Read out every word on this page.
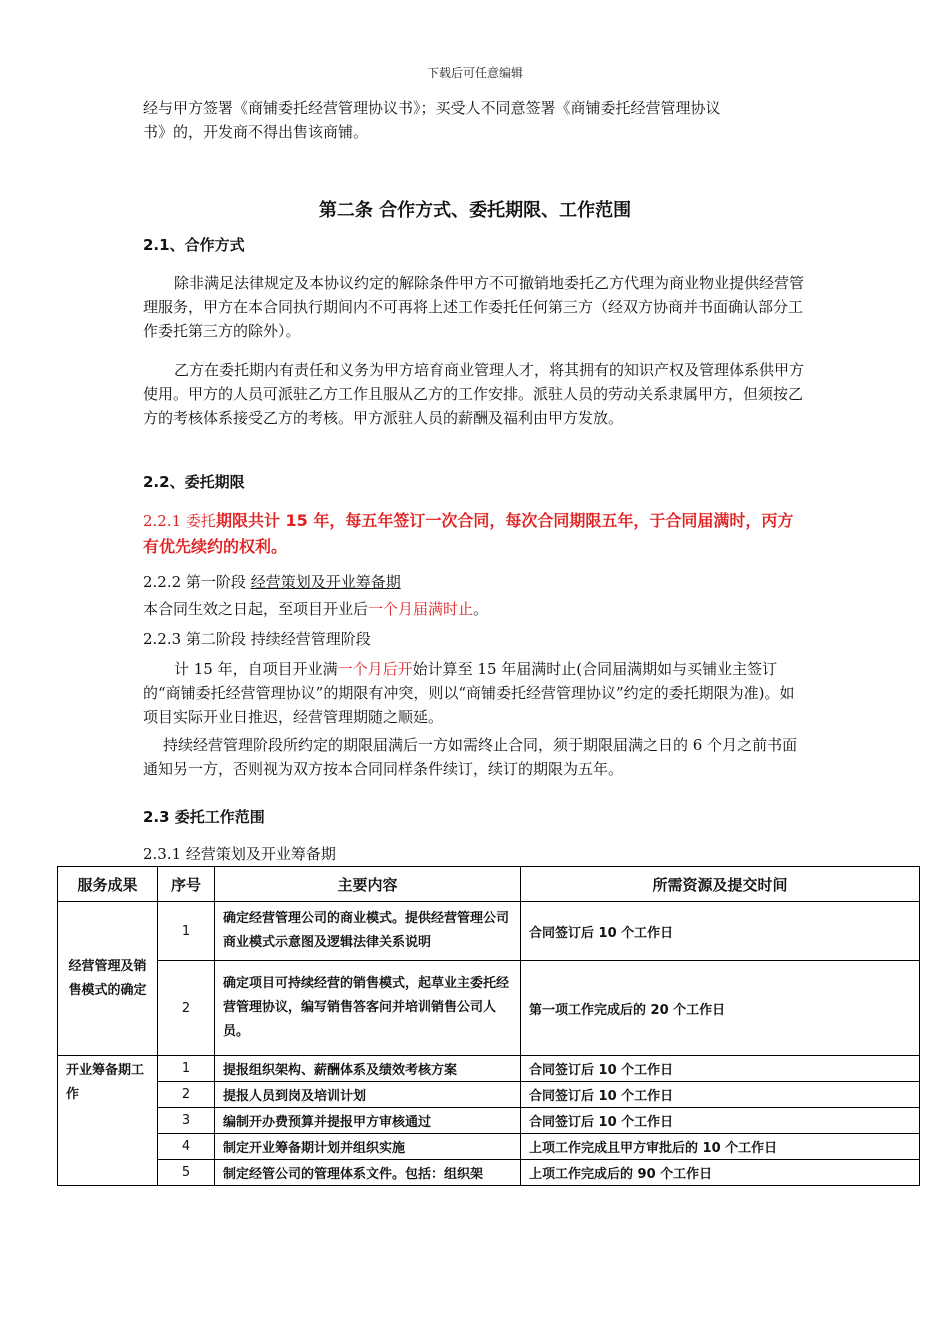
下载后可任意编辑
经与甲方签署《商铺委托经营管理协议书》；买受人不同意签署《商铺委托经营管理协议
书》的，开发商不得出售该商铺。
第二条 合作方式、委托期限、工作范围
2.1、合作方式
除非满足法律规定及本协议约定的解除条件甲方不可撤销地委托乙方代理为商业物业提供经营管理服务，甲方在本合同执行期间内不可再将上述工作委托任何第三方（经双方协商并书面确认部分工作委托第三方的除外）。
乙方在委托期内有责任和义务为甲方培育商业管理人才，将其拥有的知识产权及管理体系供甲方使用。甲方的人员可派驻乙方工作且服从乙方的工作安排。派驻人员的劳动关系隶属甲方，但须按乙方的考核体系接受乙方的考核。甲方派驻人员的薪酬及福利由甲方发放。
2.2、委托期限
2.2.1 委托期限共计 15 年，每五年签订一次合同，每次合同期限五年，于合同届满时，丙方有优先续约的权利。
2.2.2 第一阶段 经营策划及开业筹备期
本合同生效之日起，至项目开业后一个月届满时止。
2.2.3 第二阶段 持续经营管理阶段
计 15 年，自项目开业满一个月后开始计算至 15 年届满时止(合同届满期如与买铺业主签订的“商铺委托经营管理协议”的期限有冲突，则以“商铺委托经营管理协议”约定的委托期限为准)。如项目实际开业日推迟，经营管理期随之顺延。
持续经营管理阶段所约定的期限届满后一方如需终止合同，须于期限届满之日的 6 个月之前书面通知另一方，否则视为双方按本合同同样条件续订，续订的期限为五年。
2.3 委托工作范围
2.3.1 经营策划及开业筹备期
服务成果	序号	主要内容	所需资源及提交时间
经营管理及销售模式的确定	1	确定经营管理公司的商业模式。提供经营管理公司商业模式示意图及逻辑法律关系说明	合同签订后 10 个工作日
	2	确定项目可持续经营的销售模式，起草业主委托经营管理协议，编写销售答客问并培训销售公司人员。	第一项工作完成后的 20 个工作日
开业筹备期工作	1	提报组织架构、薪酬体系及绩效考核方案	合同签订后 10 个工作日
	2	提报人员到岗及培训计划	合同签订后 10 个工作日
	3	编制开办费预算并提报甲方审核通过	合同签订后 10 个工作日
	4	制定开业筹备期计划并组织实施	上项工作完成且甲方审批后的 10 个工作日
	5	制定经管公司的管理体系文件。包括：组织架	上项工作完成后的 90 个工作日
